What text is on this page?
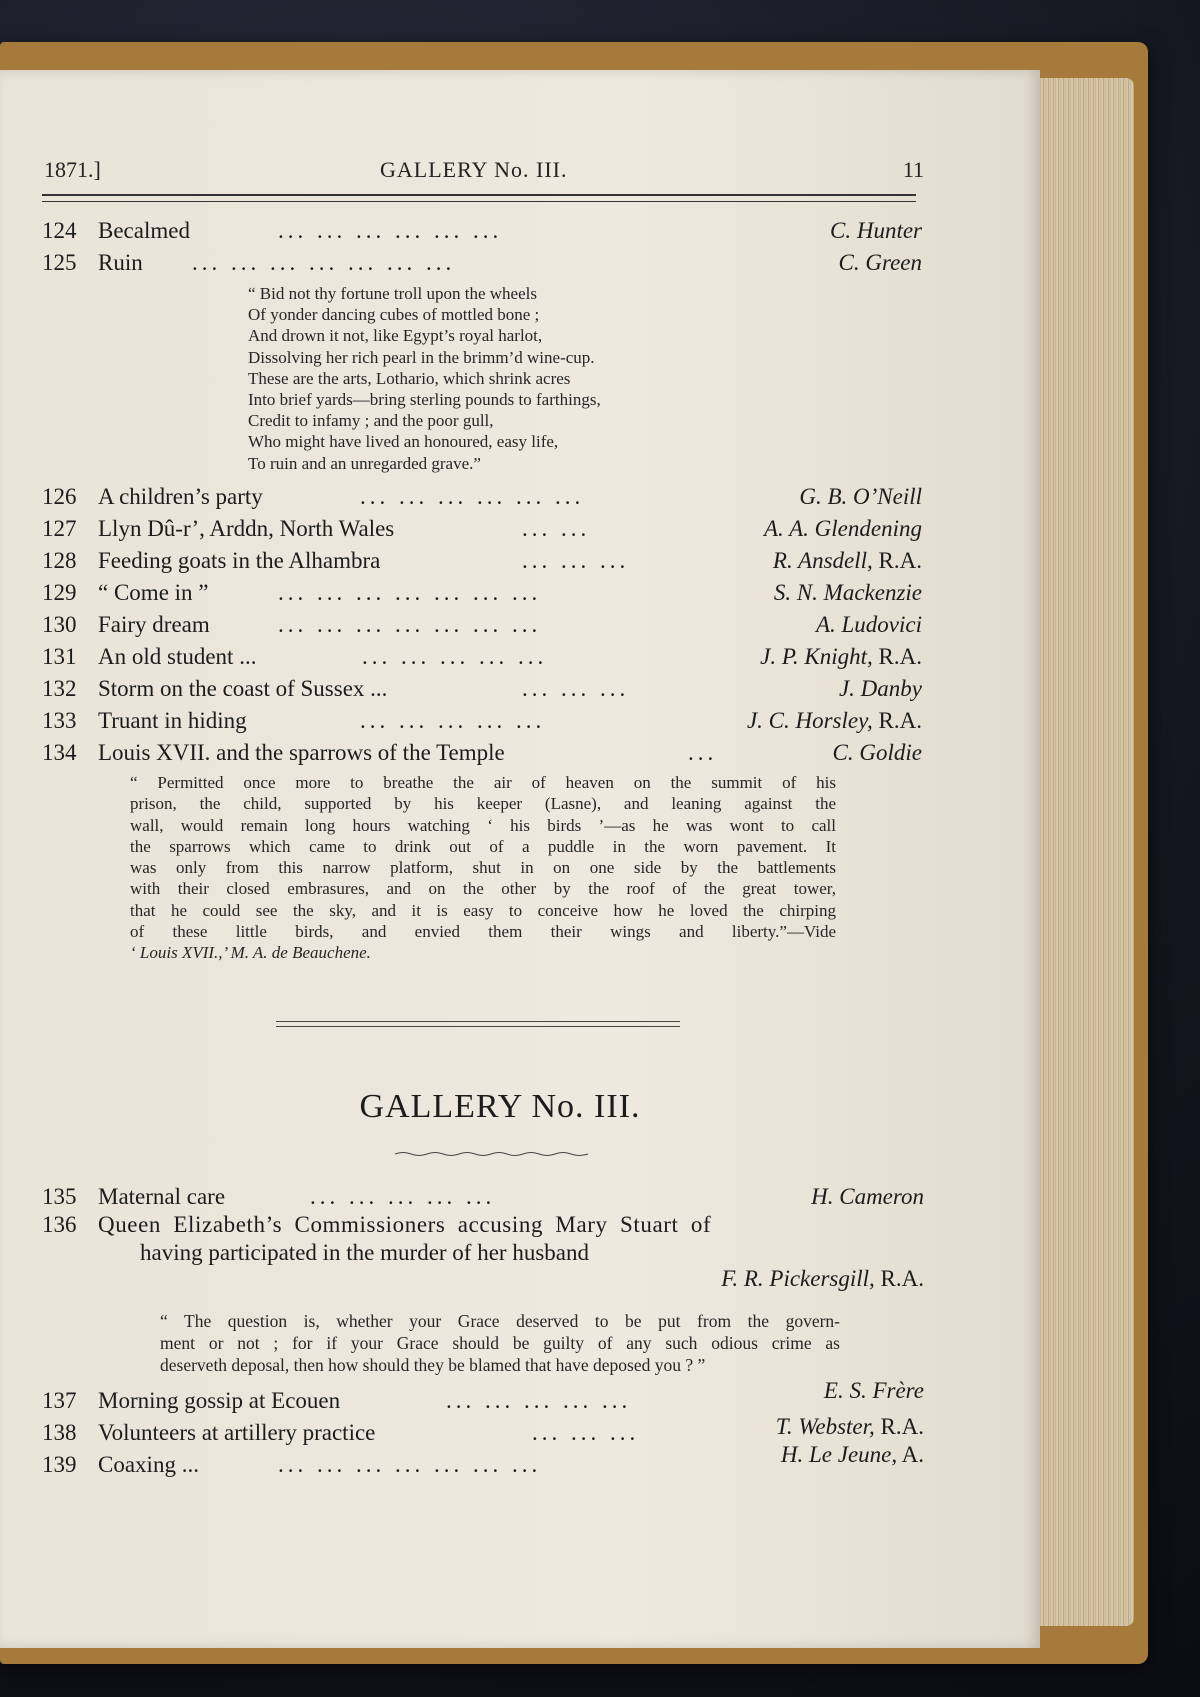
1871.]	GALLERY No. III.	11
124 Becalmed	... ... ... ... ... ...	C. Hunter
125 Ruin ... ... ... ... ... ... ...	C. Green
“ Bid not thy fortune troll upon the wheels
Of yonder dancing cubes of mottled bone ;
And drown it not, like Egypt’s royal harlot,
Dissolving her rich pearl in the brimm’d wine-cup.
These are the arts, Lothario, which shrink acres
Into brief yards—bring sterling pounds to farthings,
Credit to infamy ; and the poor gull,
Who might have lived an honoured, easy life,
To ruin and an unregarded grave.”
126 A children’s party	... ... ... ... ... ...	G. B. O’Neill
127 Llyn Dû-r’, Arddn, North Wales	... ...	A. A. Glendening
128 Feeding goats in the Alhambra	... ... ...	R. Ansdell, R.A.
129 “ Come in ”	... ... ... ... ... ... ...	S. N. Mackenzie
130 Fairy dream	... ... ... ... ... ... ...	A. Ludovici
131 An old student ...	... ... ... ... ...	J. P. Knight, R.A.
132 Storm on the coast of Sussex ...	... ... ...	J. Danby
133 Truant in hiding	... ... ... ... ...	J. C. Horsley, R.A.
134 Louis XVII. and the sparrows of the Temple	...	C. Goldie
“ Permitted once more to breathe the air of heaven on the summit of his
prison, the child, supported by his keeper (Lasne), and leaning against the
wall, would remain long hours watching ‘ his birds ’—as he was wont to call
the sparrows which came to drink out of a puddle in the worn pavement. It
was only from this narrow platform, shut in on one side by the battlements
with their closed embrasures, and on the other by the roof of the great tower,
that he could see the sky, and it is easy to conceive how he loved the chirping
of these little birds, and envied them their wings and liberty.”—Vide
‘ Louis XVII.,’ M. A. de Beauchene.
GALLERY No. III.
135 Maternal care	... ... ... ... ...	H. Cameron
136 Queen Elizabeth’s Commissioners accusing Mary Stuart of
having participated in the murder of her husband
F. R. Pickersgill, R.A.
“ The question is, whether your Grace deserved to be put from the govern-
ment or not ; for if your Grace should be guilty of any such odious crime as
deserveth deposal, then how should they be blamed that have deposed you ? ”
137 Morning gossip at Ecouen	... ... ... ... ...	E. S. Frère
138 Volunteers at artillery practice	... ... ...	T. Webster, R.A.
139 Coaxing ...	... ... ... ... ... ... ...	H. Le Jeune, A.
